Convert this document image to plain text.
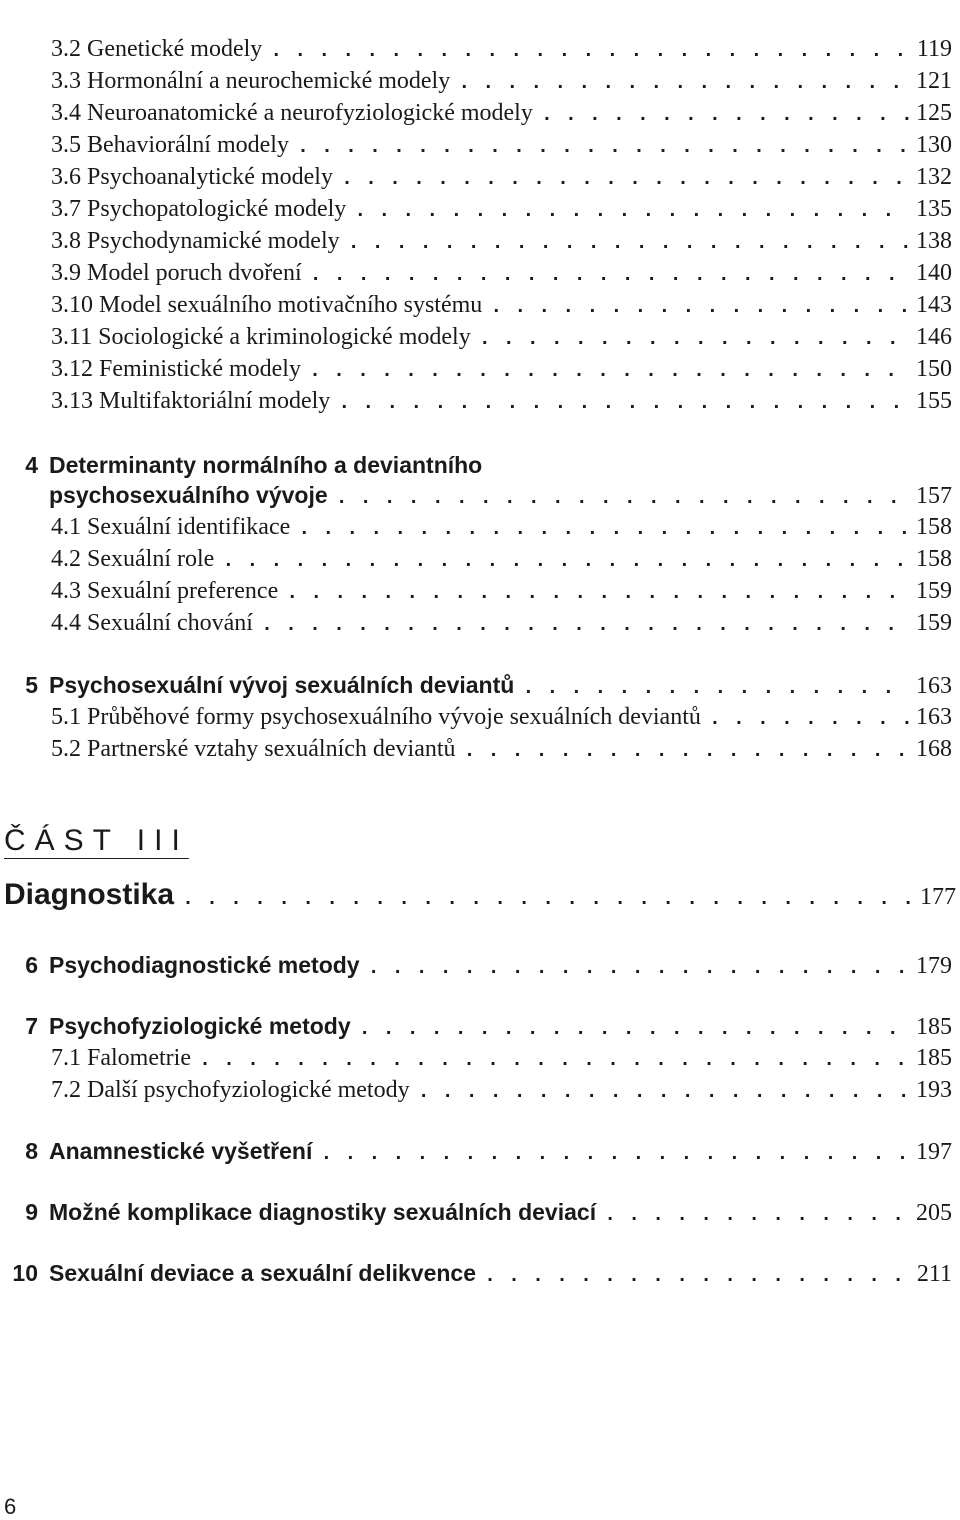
3.2 Genetické modely . . .	119
3.3 Hormonální a neurochemické modely . . .	121
3.4 Neuroanatomické a neurofyziologické modely . . .	125
3.5 Behaviorální modely . . .	130
3.6 Psychoanalytické modely . . .	132
3.7 Psychopatologické modely . . .	135
3.8 Psychodynamické modely . . .	138
3.9 Model poruch dvoření . . .	140
3.10 Model sexuálního motivačního systému . . .	143
3.11 Sociologické a kriminologické modely . . .	146
3.12 Feministické modely . . .	150
3.13 Multifaktoriální modely . . .	155
4 Determinanty normálního a deviantního
psychosexuálního vývoje . . .	157
4.1 Sexuální identifikace . . .	158
4.2 Sexuální role . . .	158
4.3 Sexuální preference . . .	159
4.4 Sexuální chování . . .	159
5 Psychosexuální vývoj sexuálních deviantů . . .	163
5.1 Průběhové formy psychosexuálního vývoje sexuálních deviantů . . .	163
5.2 Partnerské vztahy sexuálních deviantů . . .	168
ČÁST III
Diagnostika . . .	177
6 Psychodiagnostické metody . . .	179
7 Psychofyziologické metody . . .	185
7.1 Falometrie . . .	185
7.2 Další psychofyziologické metody . . .	193
8 Anamnestické vyšetření . . .	197
9 Možné komplikace diagnostiky sexuálních deviací . . .	205
10 Sexuální deviace a sexuální delikvence . . .	211
6
